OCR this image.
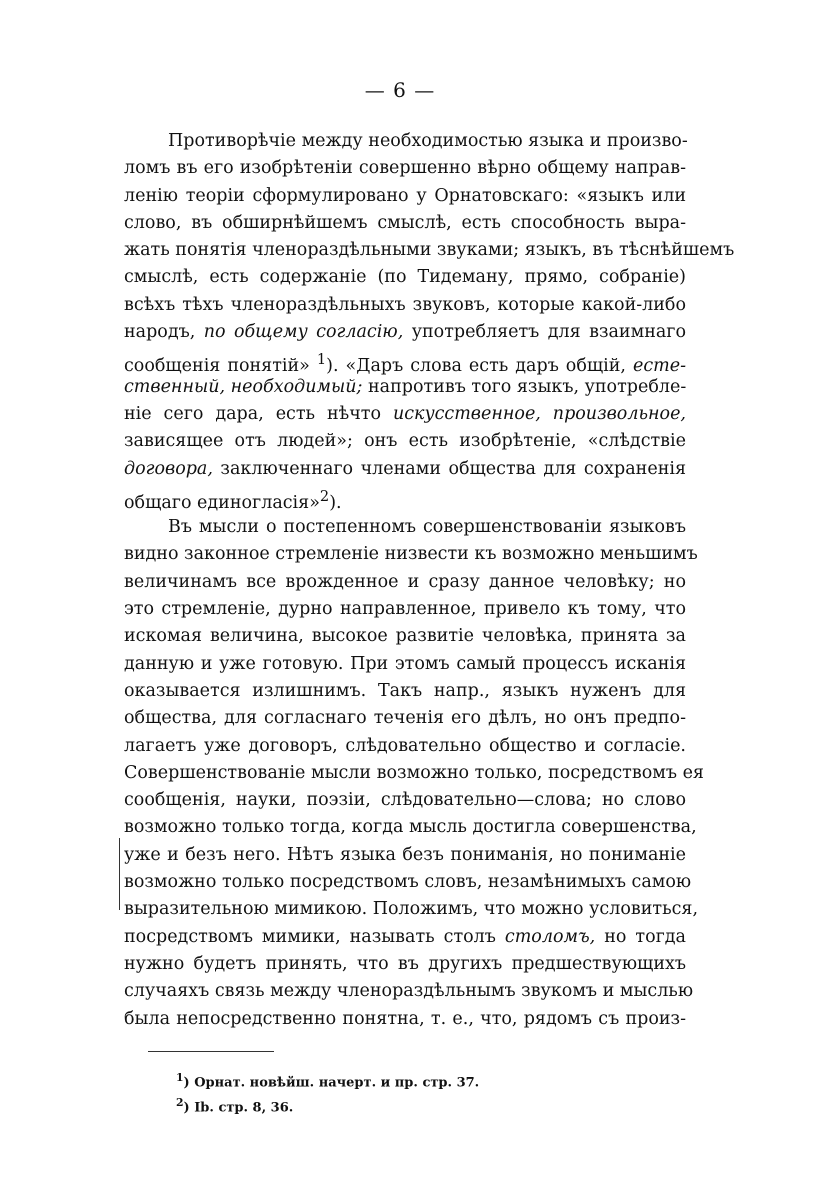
— 6 —
Противорѣчіе между необходимостью языка и произво-
ломъ въ его изобрѣтеніи совершенно вѣрно общему направ-
ленію теоріи сформулировано у Орнатовскаго: «языкъ или
слово, въ обширнѣйшемъ смыслѣ, есть способность выра-
жать понятія членораздѣльными звуками; языкъ, въ тѣснѣйшемъ
смыслѣ, есть содержаніе (по Тидеману, прямо, собраніе)
всѣхъ тѣхъ членораздѣльныхъ звуковъ, которые какой-либо
народъ, по общему согласію, употребляетъ для взаимнаго
сообщенія понятій» $^1$). «Даръ слова есть даръ общій, есте-
ственный, необходимый; напротивъ того языкъ, употребле-
ніе сего дара, есть нѣчто искусственное, произвольное,
зависящее отъ людей»; онъ есть изобрѣтеніе, «слѣдствіе
договора, заключеннаго членами общества для сохраненія
общаго единогласія»$^2$).
Въ мысли о постепенномъ совершенствованіи языковъ
видно законное стремленіе низвести къ возможно меньшимъ
величинамъ все врожденное и сразу данное человѣку; но
это стремленіе, дурно направленное, привело къ тому, что
искомая величина, высокое развитіе человѣка, принята за
данную и уже готовую. При этомъ самый процессъ исканія
оказывается излишнимъ. Такъ напр., языкъ нуженъ для
общества, для согласнаго теченія его дѣлъ, но онъ предпо-
лагаетъ уже договоръ, слѣдовательно общество и согласіе.
Совершенствованіе мысли возможно только, посредствомъ ея
сообщенія, науки, поэзіи, слѣдовательно—слова; но слово
возможно только тогда, когда мысль достигла совершенства,
уже и безъ него. Нѣтъ языка безъ пониманія, но пониманіе
возможно только посредствомъ словъ, незамѣнимыхъ самою
выразительною мимикою. Положимъ, что можно условиться,
посредствомъ мимики, называть столъ столомъ, но тогда
нужно будетъ принять, что въ другихъ предшествующихъ
случаяхъ связь между членораздѣльнымъ звукомъ и мыслью
была непосредственно понятна, т. е., что, рядомъ съ произ-
$^1$) Орнат. новѣйш. начерт. и пр. стр. 37.
$^2$) Ib. стр. 8, 36.
